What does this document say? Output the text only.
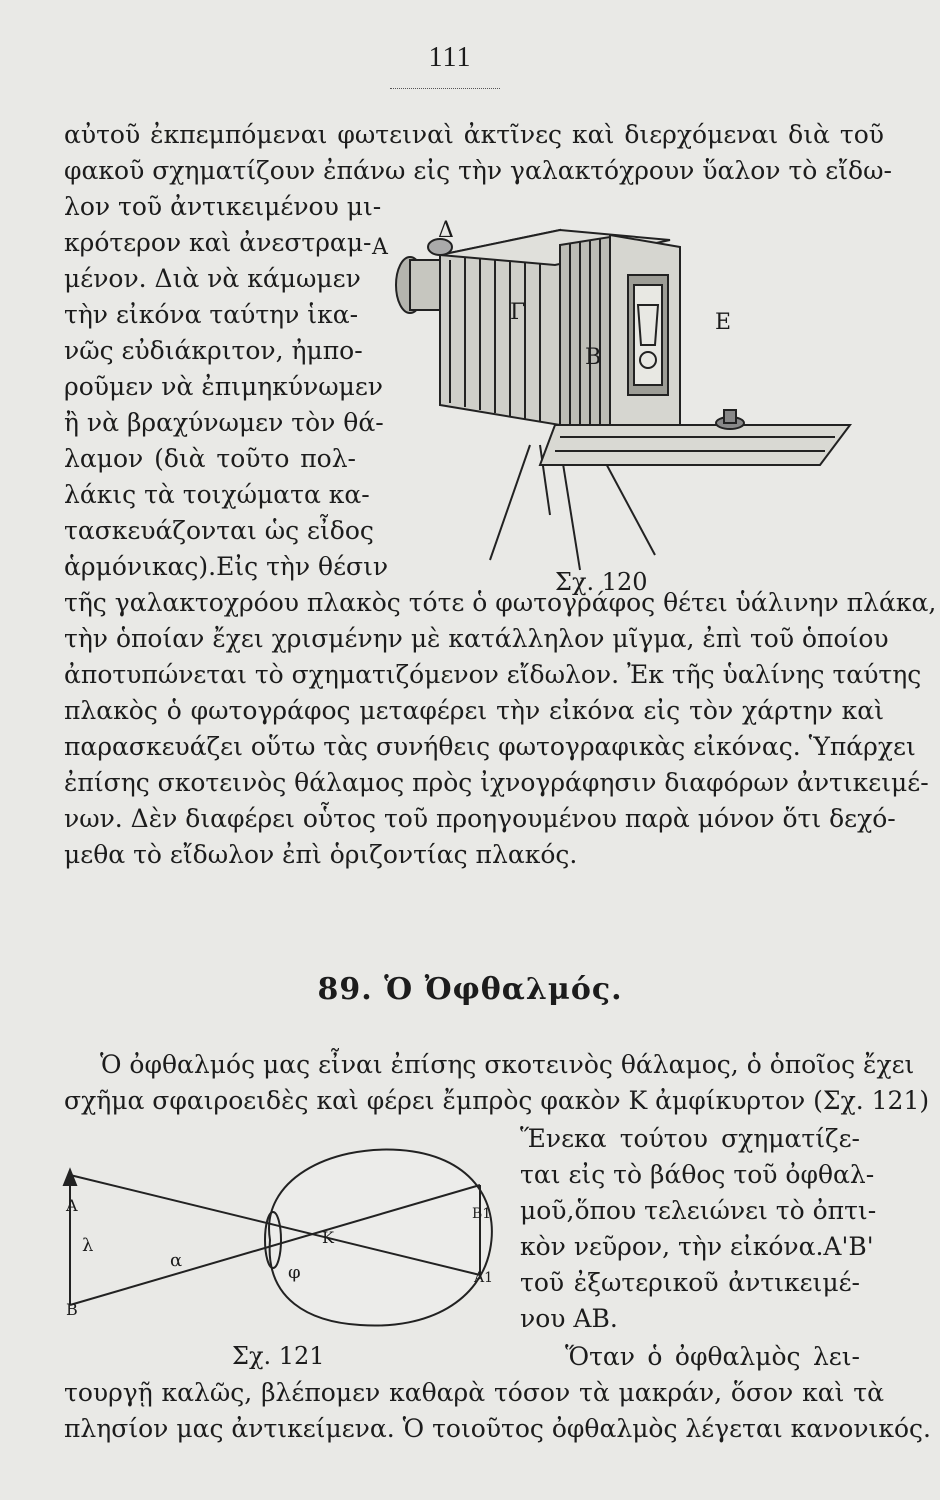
111
αὐτοῦ ἐκπεμπόμεναι φωτειναὶ ἀκτῖνες καὶ διερχόμεναι διὰ τοῦ
φακοῦ σχηματίζουν ἐπάνω εἰς τὴν γαλακτόχρουν ὕαλον τὸ εἴδω-
λον τοῦ ἀντικειμένου μι-
κρότερον καὶ ἀνεστραμ-
μένον. Διὰ νὰ κάμωμεν
τὴν εἰκόνα ταύτην ἱκα-
νῶς εὐδιάκριτον, ἠμπο-
ροῦμεν νὰ ἐπιμηκύνωμεν
ἢ νὰ βραχύνωμεν τὸν θά-
λαμον (διὰ τοῦτο πολ-
λάκις τὰ τοιχώματα κα-
τασκευάζονται ὡς εἶδος
ἁρμόνικας).Εἰς τὴν θέσιν
τῆς γαλακτοχρόου πλακὸς τότε ὁ φωτογράφος θέτει ὑάλινην πλάκα,
τὴν ὁποίαν ἔχει χρισμένην μὲ κατάλληλον μῖγμα, ἐπὶ τοῦ ὁποίου
ἀποτυπώνεται τὸ σχηματιζόμενον εἴδωλον. Ἐκ τῆς ὑαλίνης ταύτης
πλακὸς ὁ φωτογράφος μεταφέρει τὴν εἰκόνα εἰς τὸν χάρτην καὶ
παρασκευάζει οὕτω τὰς συνήθεις φωτογραφικὰς εἰκόνας. Ὑπάρχει
ἐπίσης σκοτεινὸς θάλαμος πρὸς ἰχνογράφησιν διαφόρων ἀντικειμέ-
νων. Δὲν διαφέρει οὗτος τοῦ προηγουμένου παρὰ μόνον ὅτι δεχό-
μεθα τὸ εἴδωλον ἐπὶ ὁριζοντίας πλακός.
A
Δ
Γ
B
E
Σχ. 120
89. Ὁ Ὀφθαλμός.
Ὁ ὀφθαλμός μας εἶναι ἐπίσης σκοτεινὸς θάλαμος, ὁ ὁποῖος ἔχει
σχῆμα σφαιροειδὲς καὶ φέρει ἔμπρὸς φακὸν Κ ἀμφίκυρτον (Σχ. 121)
Ἕνεκα τούτου σχηματίζε-
ται εἰς τὸ βάθος τοῦ ὀφθαλ-
μοῦ,ὅπου τελειώνει τὸ ὀπτι-
κὸν νεῦρον, τὴν εἰκόνα.Α'Β'
τοῦ ἐξωτερικοῦ ἀντικειμέ-
νου ΑΒ.
Ὅταν ὁ ὀφθαλμὸς λει-
τουργῇ καλῶς, βλέπομεν καθαρὰ τόσον τὰ μακράν, ὅσον καὶ τὰ
πλησίον μας ἀντικείμενα. Ὁ τοιοῦτος ὀφθαλμὸς λέγεται κανονικός.
A
λ
B
α
φ
K
B1
A1
Σχ. 121
